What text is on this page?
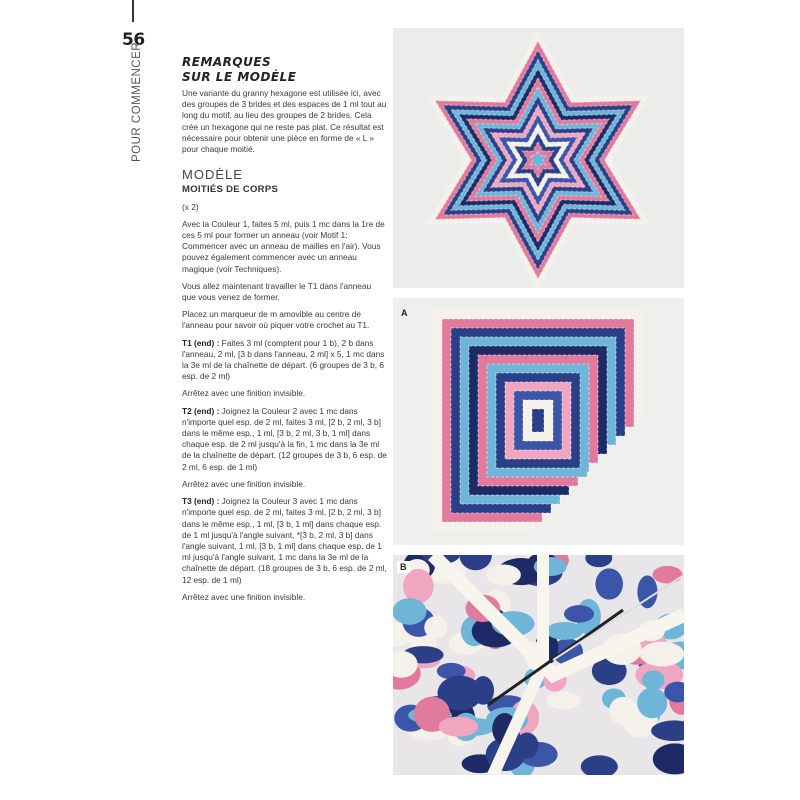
56
POUR COMMENCER	REMARQUES
SUR LE MODÈLE

Une variante du granny hexagone est utilisée ici, avec des groupes de 3 brides et des espaces de 1 ml tout au long du motif, au lieu des groupes de 2 brides. Cela crée un hexagone qui ne reste pas plat. Ce résultat est nécessaire pour obtenir une pièce en forme de « L » pour chaque moitié.

MODÈLE
MOITIÉS DE CORPS

(x 2)

Avec la Couleur 1, faites 5 ml, puis 1 mc dans la 1re de ces 5 ml pour former un anneau (voir Motif 1: Commencer avec un anneau de mailles en l'air). Vous pouvez également commencer avec un anneau magique (voir Techniques).

Vous allez maintenant travailler le T1 dans l'anneau que vous venez de former.

Placez un marqueur de m amovible au centre de l'anneau pour savoir où piquer votre crochet au T1.

T1 (end) : Faites 3 ml (comptent pour 1 b), 2 b dans l'anneau, 2 ml, [3 b dans l'anneau, 2 ml] x 5, 1 mc dans la 3e ml de la chaînette de départ. (6 groupes de 3 b, 6 esp. de 2 ml)

Arrêtez avec une finition invisible.

T2 (end) : Joignez la Couleur 2 avec 1 mc dans n'importe quel esp. de 2 ml, faites 3 ml, [2 b, 2 ml, 3 b] dans le même esp., 1 ml, [3 b, 2 ml, 3 b, 1 ml] dans chaque esp. de 2 ml jusqu'à la fin, 1 mc dans la 3e ml de la chaînette de départ. (12 groupes de 3 b, 6 esp. de 2 ml, 6 esp. de 1 ml)

Arrêtez avec une finition invisible.

T3 (end) : Joignez la Couleur 3 avec 1 mc dans n'importe quel esp. de 2 ml, faites 3 ml, [2 b, 2 ml, 3 b] dans le même esp., 1 ml, [3 b, 1 ml] dans chaque esp. de 1 ml jusqu'à l'angle suivant, *[3 b, 2 ml, 3 b] dans l'angle suivant, 1 ml, [3 b, 1 ml] dans chaque esp. de 1 ml jusqu'à l'angle suivant, 1 mc dans la 3e ml de la chaînette de départ. (18 groupes de 3 b, 6 esp. de 2 ml, 12 esp. de 1 ml)

Arrêtez avec une finition invisible.

A
B
